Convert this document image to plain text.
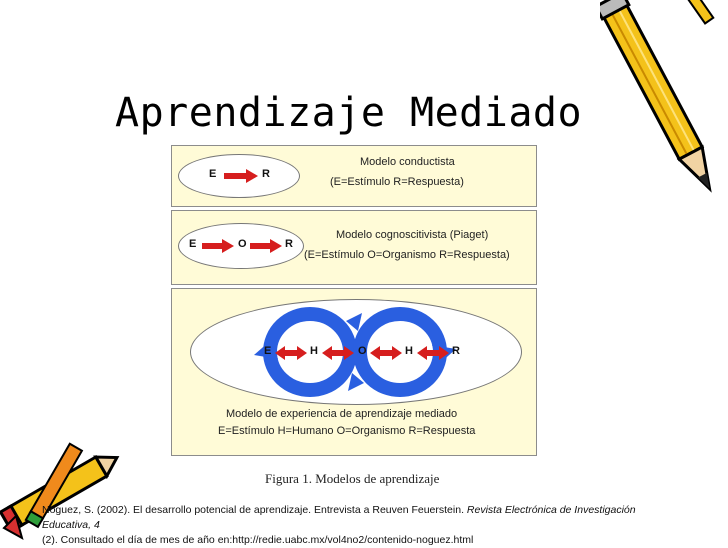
Aprendizaje Mediado
E	R
Modelo conductista
(E=Estímulo R=Respuesta)
E	O	R
Modelo cognoscitivista (Piaget)
(E=Estímulo O=Organismo R=Respuesta)
E	H	O	H	R
Modelo de experiencia de aprendizaje mediado
E=Estímulo H=Humano O=Organismo R=Respuesta
Figura 1. Modelos de aprendizaje
Noguez, S. (2002). El desarrollo potencial de aprendizaje. Entrevista a Reuven Feuerstein. Revista Electrónica de Investigación Educativa, 4
(2). Consultado el día de mes de año en:http://redie.uabc.mx/vol4no2/contenido-noguez.html
